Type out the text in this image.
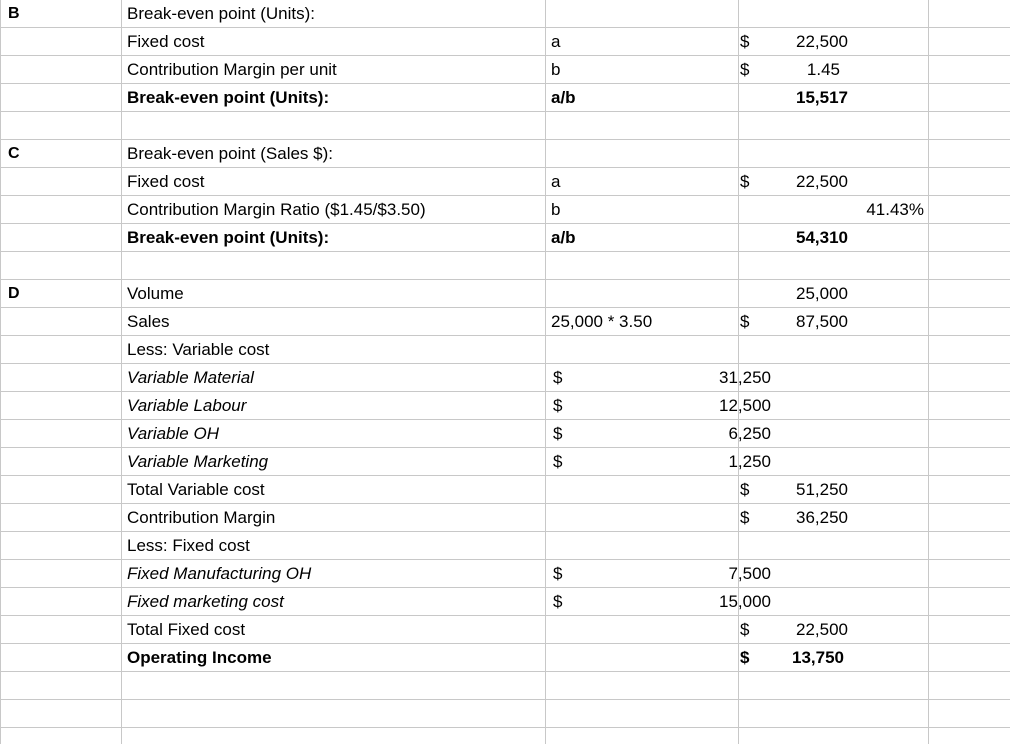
B	Break-even point (Units):
Fixed cost	a	$	22,500
Contribution Margin per unit	b	$	1.45
Break-even point (Units):	a/b	15,517
C	Break-even point (Sales $):
Fixed cost	a	$	22,500
Contribution Margin Ratio ($1.45/$3.50)	b	41.43%
Break-even point (Units):	a/b	54,310
D	Volume	25,000
Sales	25,000 * 3.50	$	87,500
Less: Variable cost
Variable Material	$	31,250
Variable Labour	$	12,500
Variable OH	$	6,250
Variable Marketing	$	1,250
Total Variable cost	$	51,250
Contribution Margin	$	36,250
Less: Fixed cost
Fixed Manufacturing OH	$	7,500
Fixed marketing cost	$	15,000
Total Fixed cost	$	22,500
Operating Income	$	13,750
